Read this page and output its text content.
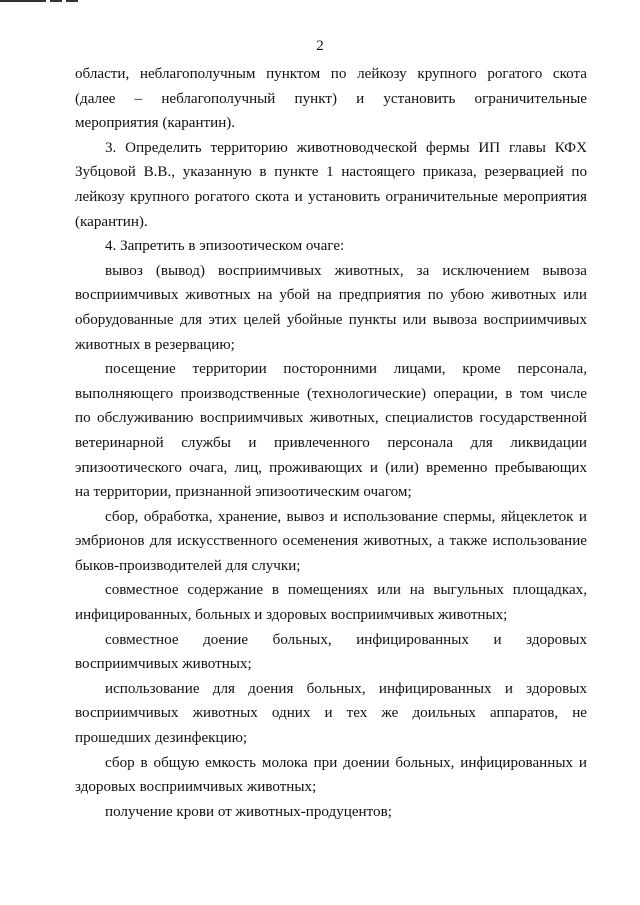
2
области, неблагополучным пунктом по лейкозу крупного рогатого скота
(далее – неблагополучный пункт) и установить ограничительные
мероприятия (карантин).
3. Определить территорию животноводческой фермы ИП главы КФХ
Зубцовой В.В., указанную в пункте 1 настоящего приказа, резервацией по
лейкозу крупного рогатого скота и установить ограничительные мероприятия
(карантин).
4. Запретить в эпизоотическом очаге:
вывоз (вывод) восприимчивых животных, за исключением вывоза
восприимчивых животных на убой на предприятия по убою животных или
оборудованные для этих целей убойные пункты или вывоза восприимчивых
животных в резервацию;
посещение территории посторонними лицами, кроме персонала,
выполняющего производственные (технологические) операции, в том числе
по обслуживанию восприимчивых животных, специалистов государственной
ветеринарной службы и привлеченного персонала для ликвидации
эпизоотического очага, лиц, проживающих и (или) временно пребывающих
на территории, признанной эпизоотическим очагом;
сбор, обработка, хранение, вывоз и использование спермы, яйцеклеток и
эмбрионов для искусственного осеменения животных, а также использование
быков-производителей для случки;
совместное содержание в помещениях или на выгульных площадках,
инфицированных, больных и здоровых восприимчивых животных;
совместное доение больных, инфицированных и здоровых
восприимчивых животных;
использование для доения больных, инфицированных и здоровых
восприимчивых животных одних и тех же доильных аппаратов, не
прошедших дезинфекцию;
сбор в общую емкость молока при доении больных, инфицированных и
здоровых восприимчивых животных;
получение крови от животных-продуцентов;
